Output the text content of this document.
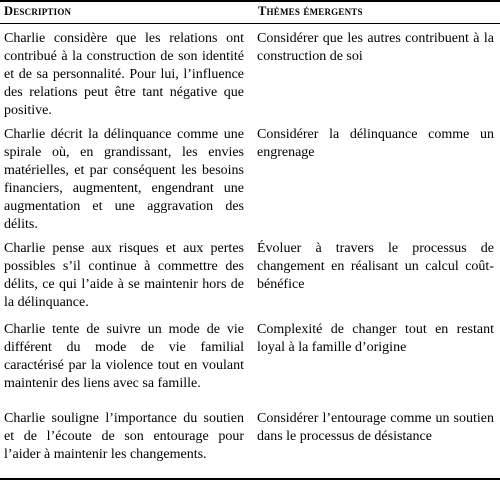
Description	Thèmes émergents
Charlie considère que les relations ont contribué à la construction de son identité et de sa personnalité. Pour lui, l’influence des relations peut être tant négative que positive.
Considérer que les autres contribuent à la construction de soi
Charlie décrit la délinquance comme une spirale où, en grandissant, les envies matérielles, et par conséquent les besoins financiers, augmentent, engendrant une augmentation et une aggravation des délits.
Considérer la délinquance comme un engrenage
Charlie pense aux risques et aux pertes possibles s’il continue à commettre des délits, ce qui l’aide à se maintenir hors de la délinquance.
Évoluer à travers le processus de changement en réalisant un calcul coût-bénéfice
Charlie tente de suivre un mode de vie différent du mode de vie familial caractérisé par la violence tout en voulant maintenir des liens avec sa famille.
Complexité de changer tout en restant loyal à la famille d’origine
Charlie souligne l’importance du soutien et de l’écoute de son entourage pour l’aider à maintenir les changements.
Considérer l’entourage comme un soutien dans le processus de désistance
